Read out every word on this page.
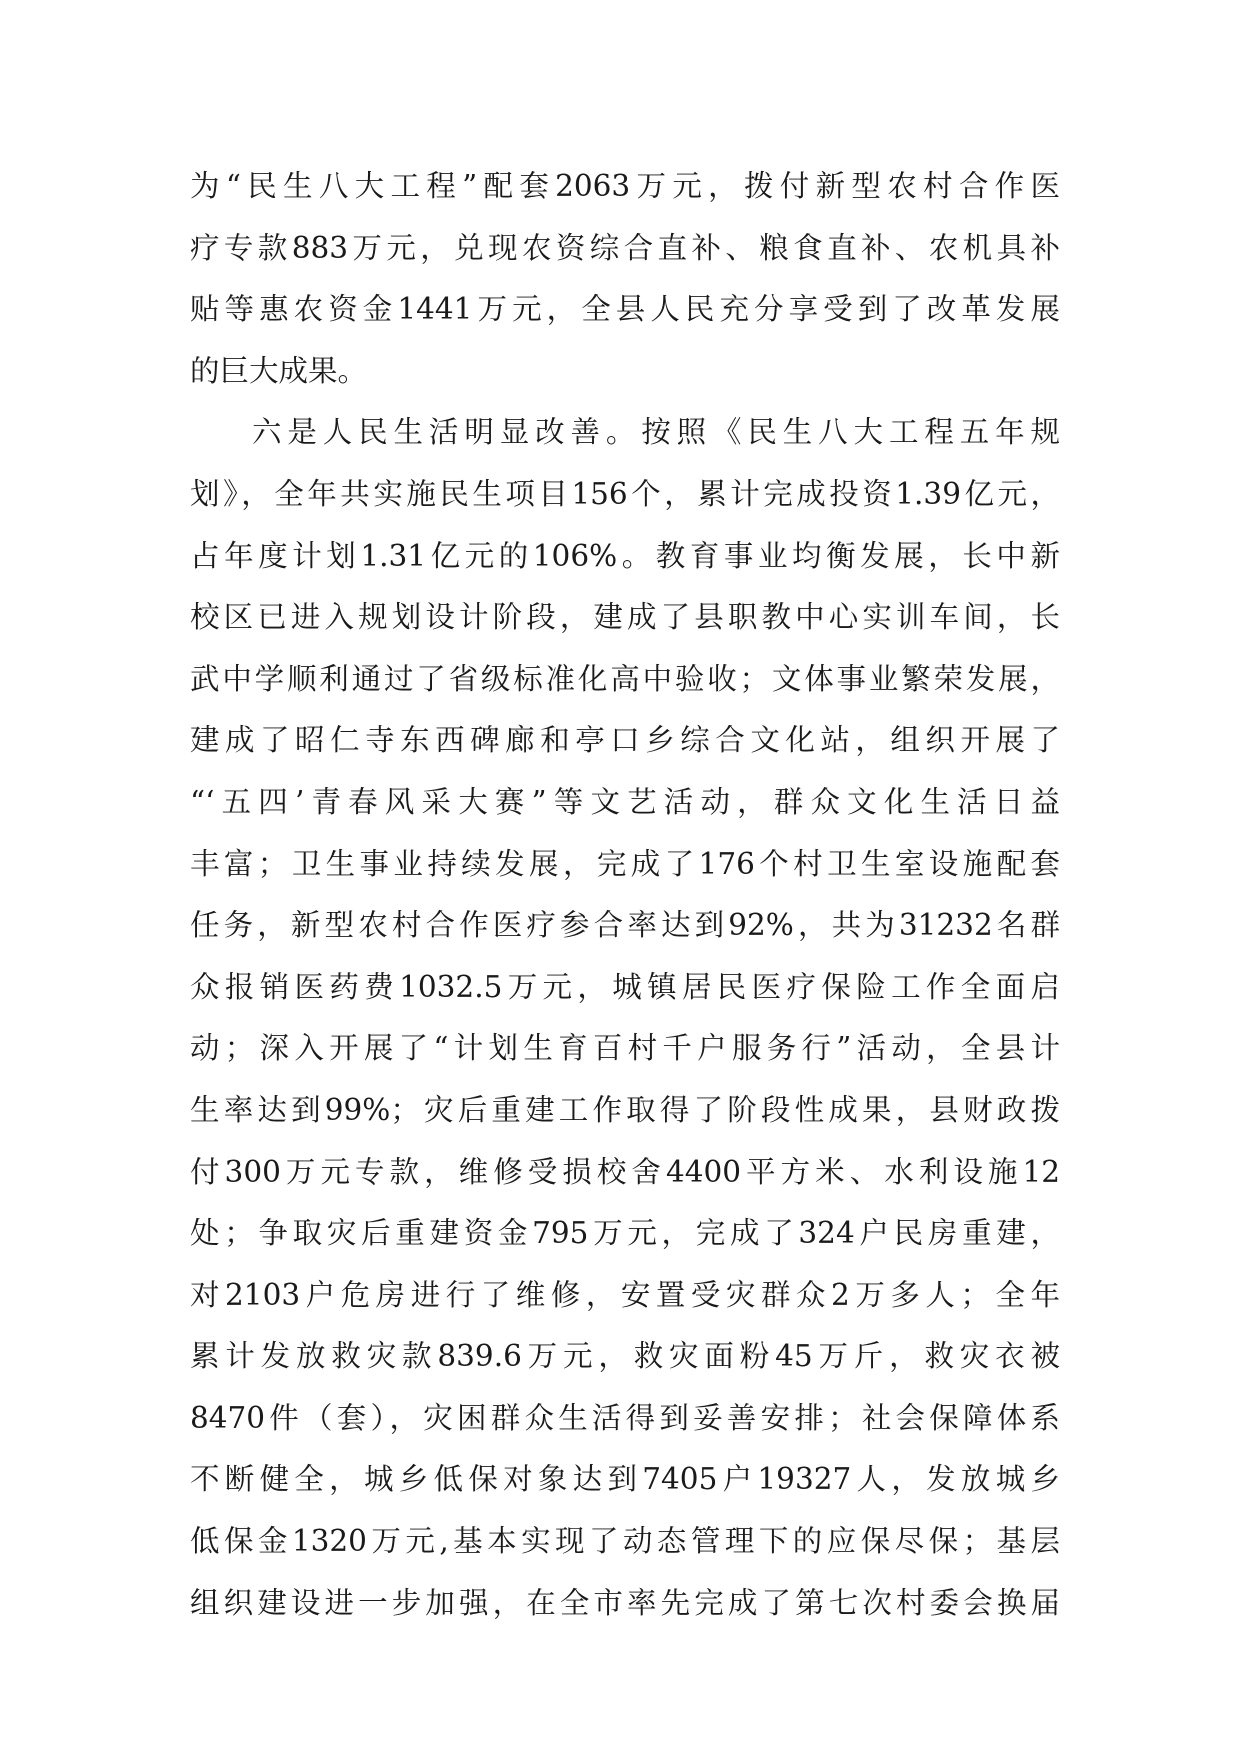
为“民生八大工程”配套2063万元，拨付新型农村合作医
疗专款883万元，兑现农资综合直补、粮食直补、农机具补
贴等惠农资金1441万元，全县人民充分享受到了改革发展
的巨大成果。
六是人民生活明显改善。按照《民生八大工程五年规
划》，全年共实施民生项目156个，累计完成投资1.39亿元，
占年度计划1.31亿元的106%。教育事业均衡发展，长中新
校区已进入规划设计阶段，建成了县职教中心实训车间，长
武中学顺利通过了省级标准化高中验收；文体事业繁荣发展，
建成了昭仁寺东西碑廊和亭口乡综合文化站，组织开展了
“‘五四’青春风采大赛”等文艺活动，群众文化生活日益
丰富；卫生事业持续发展，完成了176个村卫生室设施配套
任务，新型农村合作医疗参合率达到92%，共为31232名群
众报销医药费1032.5万元，城镇居民医疗保险工作全面启
动；深入开展了“计划生育百村千户服务行”活动，全县计
生率达到99%；灾后重建工作取得了阶段性成果，县财政拨
付300万元专款，维修受损校舍4400平方米、水利设施12
处；争取灾后重建资金795万元，完成了324户民房重建，
对2103户危房进行了维修，安置受灾群众2万多人；全年
累计发放救灾款839.6万元，救灾面粉45万斤，救灾衣被
8470件（套），灾困群众生活得到妥善安排；社会保障体系
不断健全，城乡低保对象达到7405户19327人，发放城乡
低保金1320万元,基本实现了动态管理下的应保尽保；基层
组织建设进一步加强，在全市率先完成了第七次村委会换届
